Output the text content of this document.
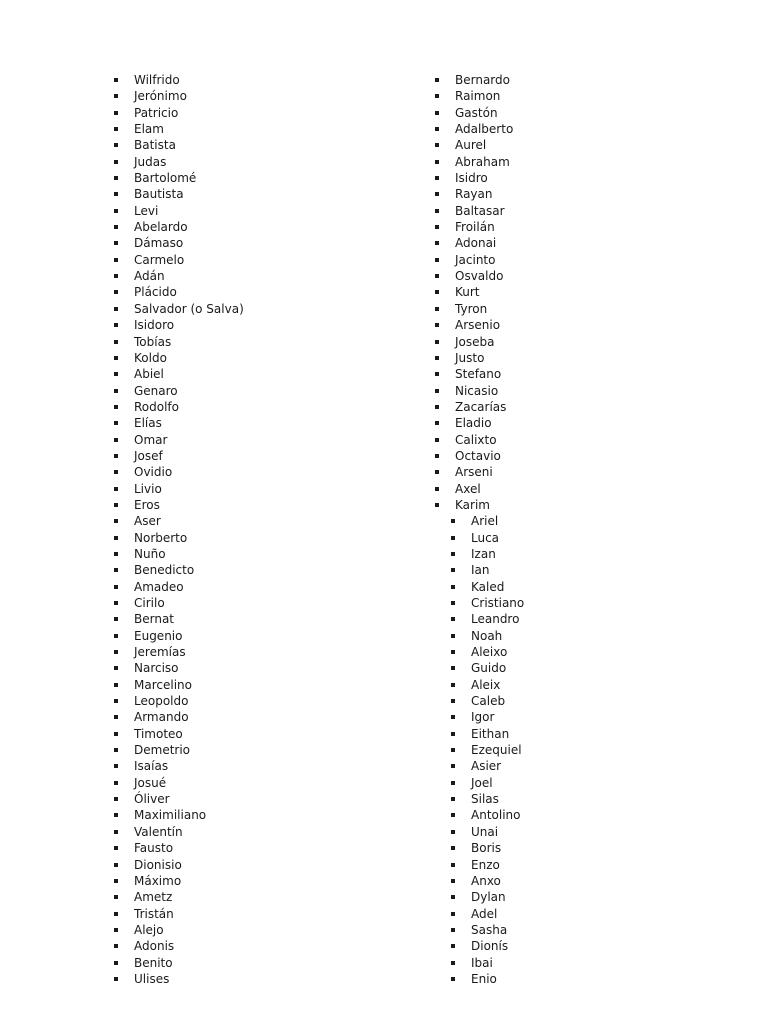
Wilfrido
Jerónimo
Patricio
Elam
Batista
Judas
Bartolomé
Bautista
Levi
Abelardo
Dámaso
Carmelo
Adán
Plácido
Salvador (o Salva)
Isidoro
Tobías
Koldo
Abiel
Genaro
Rodolfo
Elías
Omar
Josef
Ovidio
Livio
Eros
Aser
Norberto
Nuño
Benedicto
Amadeo
Cirilo
Bernat
Eugenio
Jeremías
Narciso
Marcelino
Leopoldo
Armando
Timoteo
Demetrio
Isaías
Josué
Óliver
Maximiliano
Valentín
Fausto
Dionisio
Máximo
Ametz
Tristán
Alejo
Adonis
Benito
Ulises
Bernardo
Raimon
Gastón
Adalberto
Aurel
Abraham
Isidro
Rayan
Baltasar
Froilán
Adonai
Jacinto
Osvaldo
Kurt
Tyron
Arsenio
Joseba
Justo
Stefano
Nicasio
Zacarías
Eladio
Calixto
Octavio
Arseni
Axel
Karim
Ariel
Luca
Izan
Ian
Kaled
Cristiano
Leandro
Noah
Aleixo
Guido
Aleix
Caleb
Igor
Eithan
Ezequiel
Asier
Joel
Silas
Antolino
Unai
Boris
Enzo
Anxo
Dylan
Adel
Sasha
Dionís
Ibai
Enio
